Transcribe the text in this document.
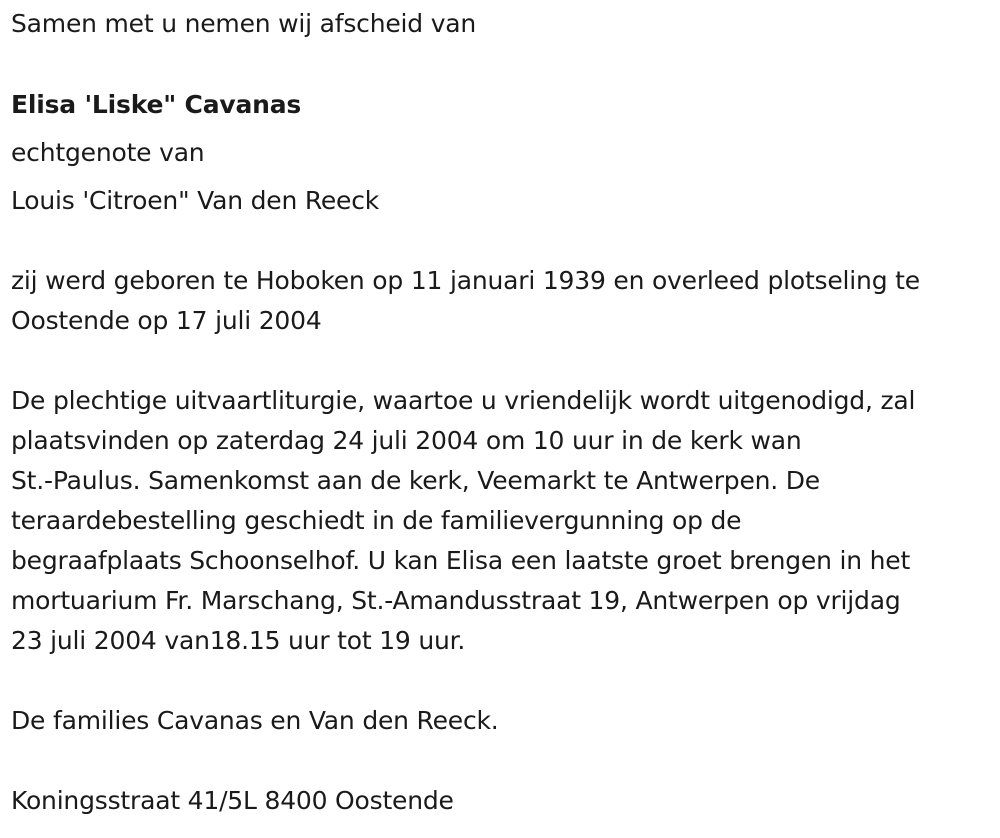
Samen met u nemen wij afscheid van
Elisa 'Liske" Cavanas
echtgenote van
Louis 'Citroen" Van den Reeck
zij werd geboren te Hoboken op 11 januari 1939 en overleed plotseling te
Oostende op 17 juli 2004
De plechtige uitvaartliturgie, waartoe u vriendelijk wordt uitgenodigd, zal
plaatsvinden op zaterdag 24 juli 2004 om 10 uur in de kerk wan
St.-Paulus. Samenkomst aan de kerk, Veemarkt te Antwerpen. De
teraardebestelling geschiedt in de familievergunning op de
begraafplaats Schoonselhof. U kan Elisa een laatste groet brengen in het
mortuarium Fr. Marschang, St.-Amandusstraat 19, Antwerpen op vrijdag
23 juli 2004 van18.15 uur tot 19 uur.
De families Cavanas en Van den Reeck.
Koningsstraat 41/5L 8400 Oostende
